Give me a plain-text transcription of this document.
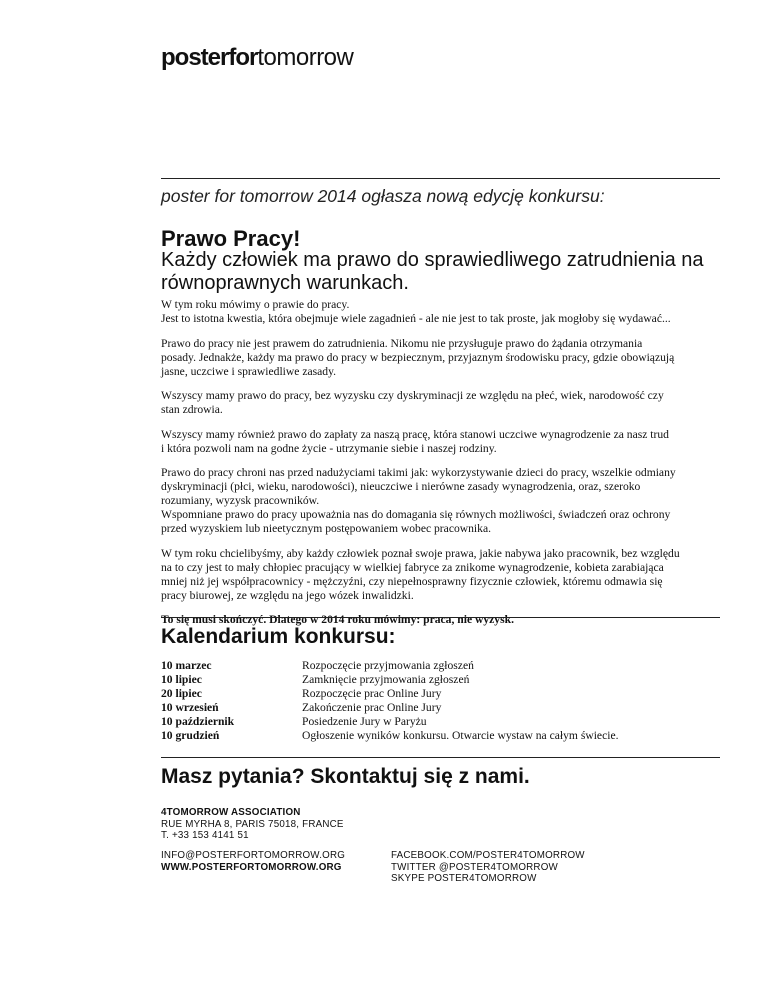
posterfortomorrow
poster for tomorrow 2014 ogłasza nową edycję konkursu:
Prawo Pracy!
Każdy człowiek ma prawo do sprawiedliwego zatrudnienia na równoprawnych warunkach.

W tym roku mówimy o prawie do pracy.
Jest to istotna kwestia, która obejmuje wiele zagadnień - ale nie jest to tak proste, jak mogłoby się wydawać...

Prawo do pracy nie jest prawem do zatrudnienia. Nikomu nie przysługuje prawo do żądania otrzymania
posady. Jednakże, każdy ma prawo do pracy w bezpiecznym, przyjaznym środowisku pracy, gdzie obowiązują
jasne, uczciwe i sprawiedliwe zasady.

Wszyscy mamy prawo do pracy, bez wyzysku czy dyskryminacji ze względu na płeć, wiek, narodowość czy
stan zdrowia.

Wszyscy mamy również prawo do zapłaty za naszą pracę, która stanowi uczciwe wynagrodzenie za nasz trud
i która pozwoli nam na godne życie - utrzymanie siebie i naszej rodziny.

Prawo do pracy chroni nas przed nadużyciami takimi jak: wykorzystywanie dzieci do pracy, wszelkie odmiany
dyskryminacji (płci, wieku, narodowości), nieuczciwe i nierówne zasady wynagrodzenia, oraz, szeroko
rozumiany, wyzysk pracowników.
Wspomniane prawo do pracy upoważnia nas do domagania się równych możliwości, świadczeń oraz ochrony
przed wyzyskiem lub nieetycznym postępowaniem wobec pracownika.

W tym roku chcielibyśmy, aby każdy człowiek poznał swoje prawa, jakie nabywa jako pracownik, bez względu
na to czy jest to mały chłopiec pracujący w wielkiej fabryce za znikome wynagrodzenie, kobieta zarabiająca
mniej niż jej współpracownicy - mężczyźni, czy niepełnosprawny fizycznie człowiek, któremu odmawia się
pracy biurowej, ze względu na jego wózek inwalidzki.

To się musi skończyć. Dlatego w 2014 roku mówimy: praca, nie wyzysk.

Kalendarium konkursu:
10 marzec	Rozpoczęcie przyjmowania zgłoszeń
10 lipiec	Zamknięcie przyjmowania zgłoszeń
20 lipiec	Rozpoczęcie prac Online Jury
10 wrzesień	Zakończenie prac Online Jury
10 październik	Posiedzenie Jury w Paryżu
10 grudzień	Ogłoszenie wyników konkursu. Otwarcie wystaw na całym świecie.
Masz pytania? Skontaktuj się z nami.
4TOMORROW ASSOCIATION
RUE MYRHA 8, PARIS 75018, FRANCE
T. +33 153 4141 51
INFO@POSTERFORTOMORROW.ORG
WWW.POSTERFORTOMORROW.ORG
FACEBOOK.COM/POSTER4TOMORROW
TWITTER @POSTER4TOMORROW
SKYPE POSTER4TOMORROW
